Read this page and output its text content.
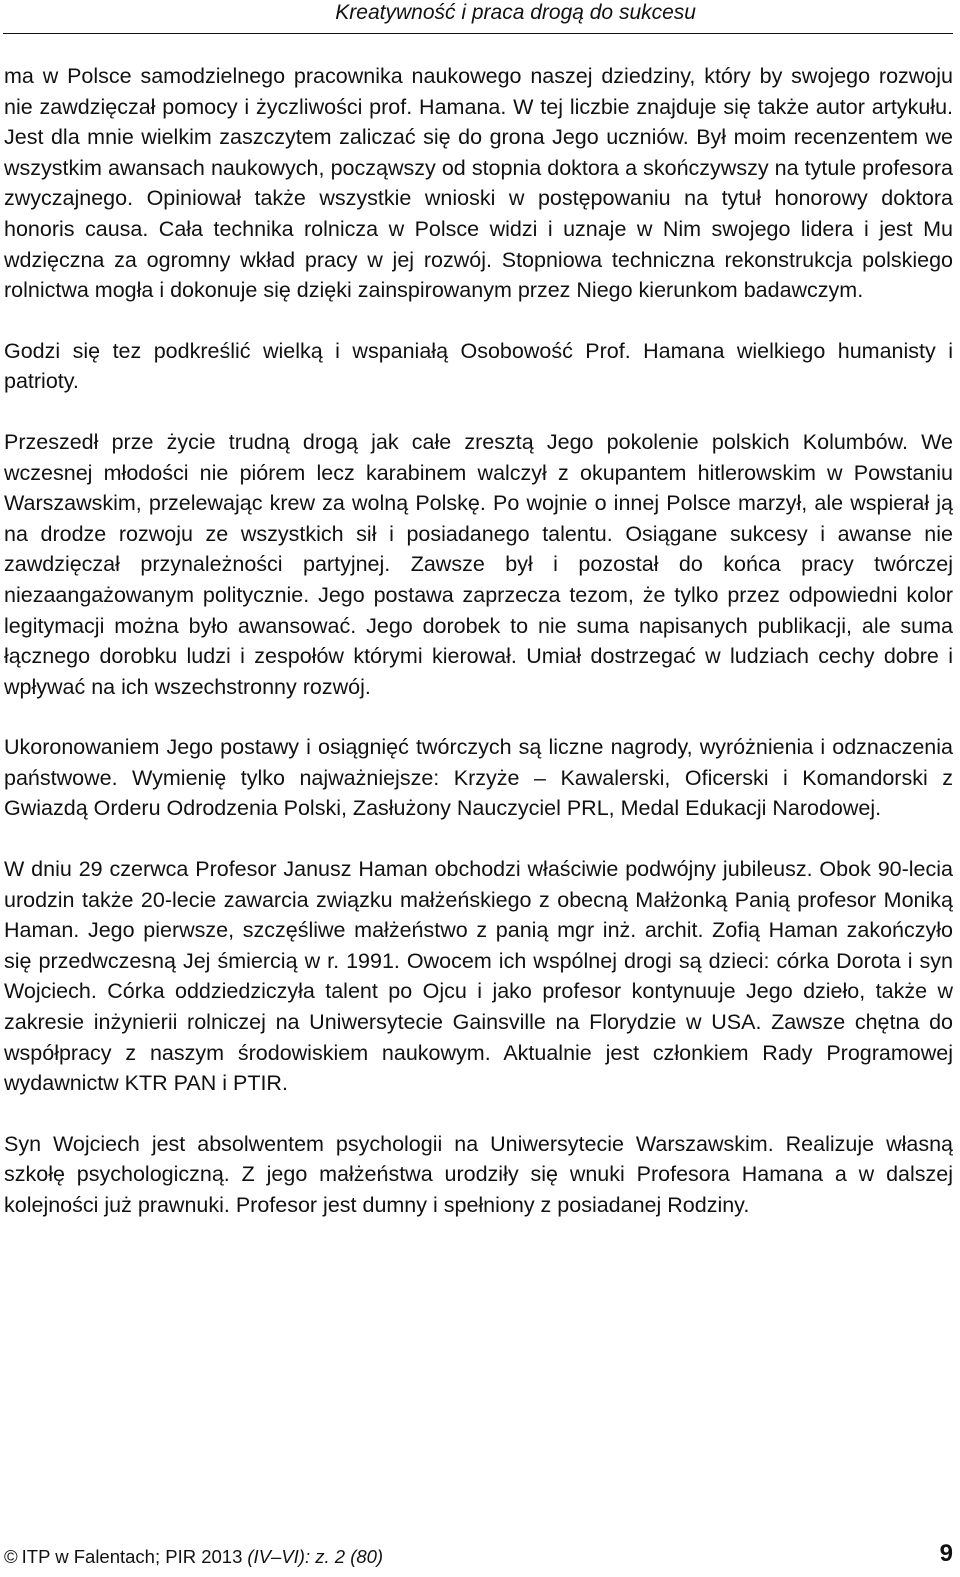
Kreatywność i praca drogą do sukcesu

ma w Polsce samodzielnego pracownika naukowego naszej dziedziny, który by swojego rozwoju nie zawdzięczał pomocy i życzliwości prof. Hamana. W tej liczbie znajduje się także autor artykułu. Jest dla mnie wielkim zaszczytem zaliczać się do grona Jego uczniów. Był moim recenzentem we wszystkim awansach naukowych, począwszy od stopnia doktora a skończywszy na tytule profesora zwyczajnego. Opiniował także wszystkie wnioski w postępowaniu na tytuł honorowy doktora honoris causa. Cała technika rolnicza w Polsce widzi i uznaje w Nim swojego lidera i jest Mu wdzięczna za ogromny wkład pracy w jej rozwój. Stopniowa techniczna rekonstrukcja polskiego rolnictwa mogła i dokonuje się dzięki zainspirowanym przez Niego kierunkom badawczym.

Godzi się tez podkreślić wielką i wspaniałą Osobowość Prof. Hamana wielkiego humanisty i patrioty.

Przeszedł prze życie trudną drogą jak całe zresztą Jego pokolenie polskich Kolumbów. We wczesnej młodości nie piórem lecz karabinem walczył z okupantem hitlerowskim w Powstaniu Warszawskim, przelewając krew za wolną Polskę. Po wojnie o innej Polsce marzył, ale wspierał ją na drodze rozwoju ze wszystkich sił i posiadanego talentu. Osiągane sukcesy i awanse nie zawdzięczał przynależności partyjnej. Zawsze był i pozostał do końca pracy twórczej niezaangażowanym politycznie. Jego postawa zaprzecza tezom, że tylko przez odpowiedni kolor legitymacji można było awansować. Jego dorobek to nie suma napisanych publikacji, ale suma łącznego dorobku ludzi i zespołów którymi kierował. Umiał dostrzegać w ludziach cechy dobre i wpływać na ich wszechstronny rozwój.

Ukoronowaniem Jego postawy i osiągnięć twórczych są liczne nagrody, wyróżnienia i odznaczenia państwowe. Wymienię tylko najważniejsze: Krzyże – Kawalerski, Oficerski i Komandorski z Gwiazdą Orderu Odrodzenia Polski, Zasłużony Nauczyciel PRL, Medal Edukacji Narodowej.

W dniu 29 czerwca Profesor Janusz Haman obchodzi właściwie podwójny jubileusz. Obok 90-lecia urodzin także 20-lecie zawarcia związku małżeńskiego z obecną Małżonką Panią profesor Moniką Haman. Jego pierwsze, szczęśliwe małżeństwo z panią mgr inż. archit. Zofią Haman zakończyło się przedwczesną Jej śmiercią w r. 1991. Owocem ich wspólnej drogi są dzieci: córka Dorota i syn Wojciech. Córka oddziedziczyła talent po Ojcu i jako profesor kontynuuje Jego dzieło, także w zakresie inżynierii rolniczej na Uniwersytecie Gainsville na Florydzie w USA. Zawsze chętna do współpracy z naszym środowiskiem naukowym. Aktualnie jest członkiem Rady Programowej wydawnictw KTR PAN i PTIR.

Syn Wojciech jest absolwentem psychologii na Uniwersytecie Warszawskim. Realizuje własną szkołę psychologiczną. Z jego małżeństwa urodziły się wnuki Profesora Hamana a w dalszej kolejności już prawnuki. Profesor jest dumny i spełniony z posiadanej Rodziny.

© ITP w Falentach; PIR 2013 (IV–VI): z. 2 (80)	9
